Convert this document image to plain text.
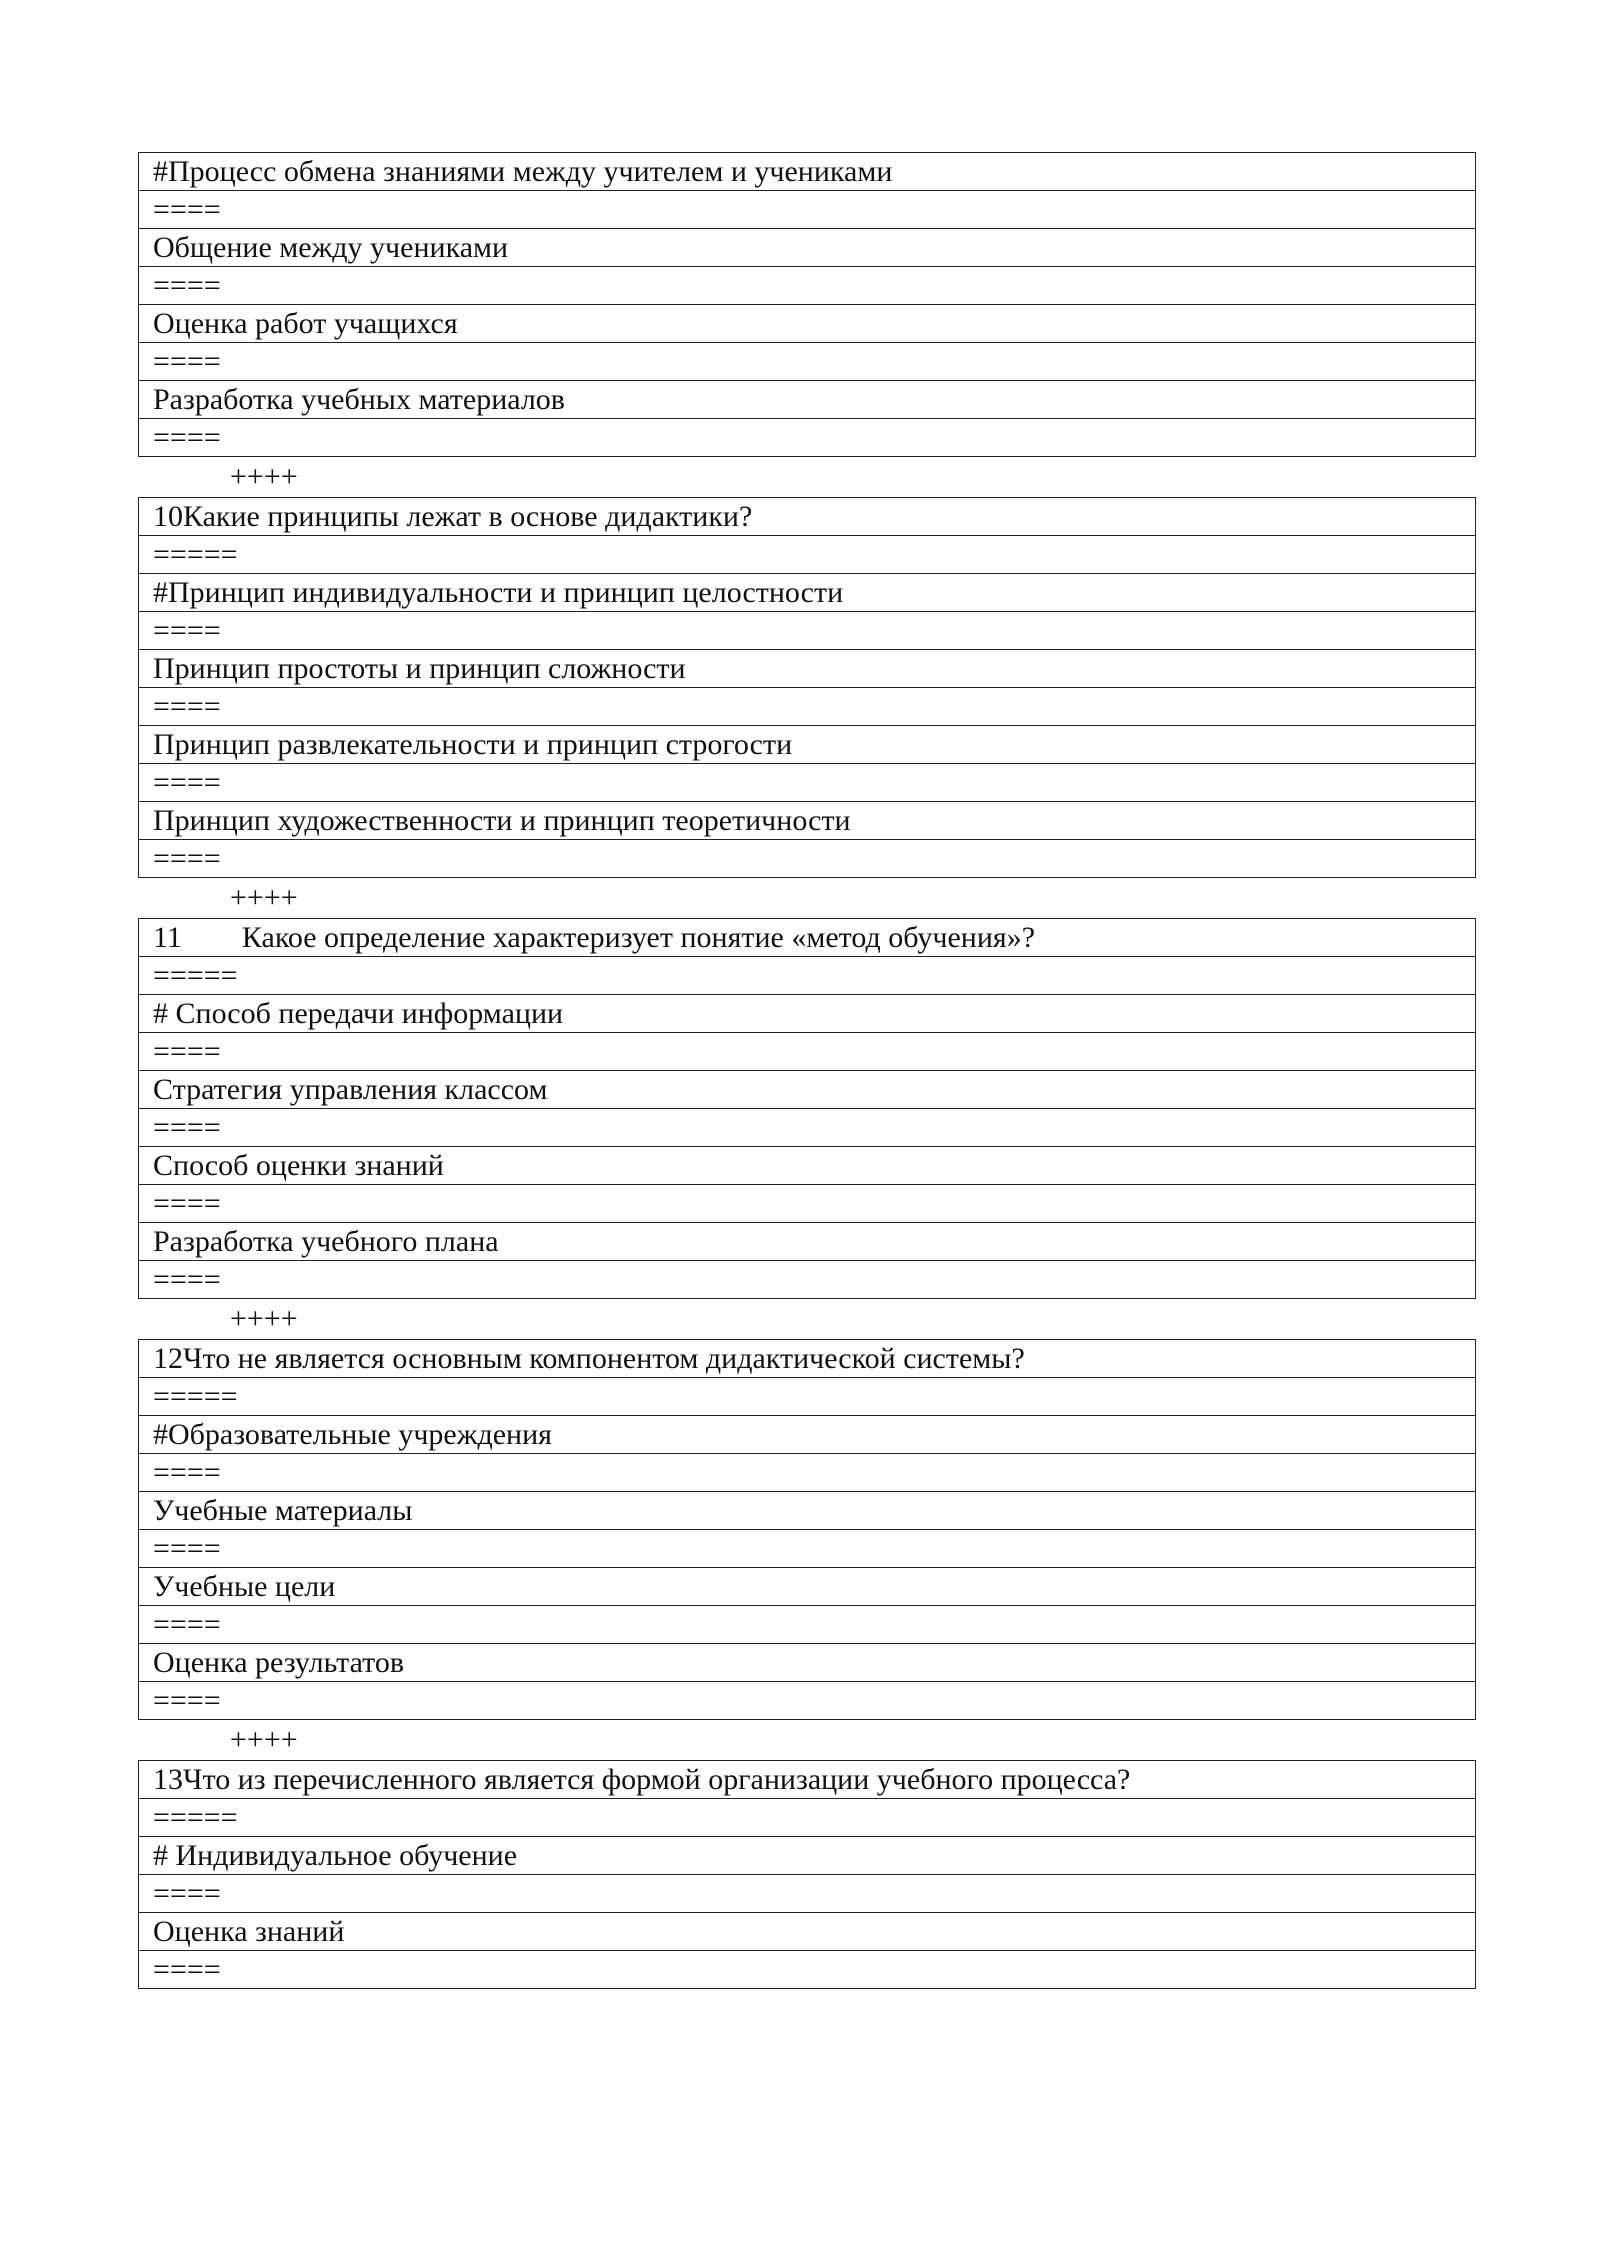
#Процесс обмена знаниями между учителем и учениками
====
Общение между учениками
====
Оценка работ учащихся
====
Разработка учебных материалов
====
++++
10Какие принципы лежат в основе дидактики?
=====
#Принцип индивидуальности и принцип целостности
====
Принцип простоты и принцип сложности
====
Принцип развлекательности и принцип строгости
====
Принцип художественности и принцип теоретичности
====
++++
11 Какое определение характеризует понятие «метод обучения»?
=====
# Способ передачи информации
====
Стратегия управления классом
====
Способ оценки знаний
====
Разработка учебного плана
====
++++
12Что не является основным компонентом дидактической системы?
=====
#Образовательные учреждения
====
Учебные материалы
====
Учебные цели
====
Оценка результатов
====
++++
13Что из перечисленного является формой организации учебного процесса?
=====
# Индивидуальное обучение
====
Оценка знаний
====
